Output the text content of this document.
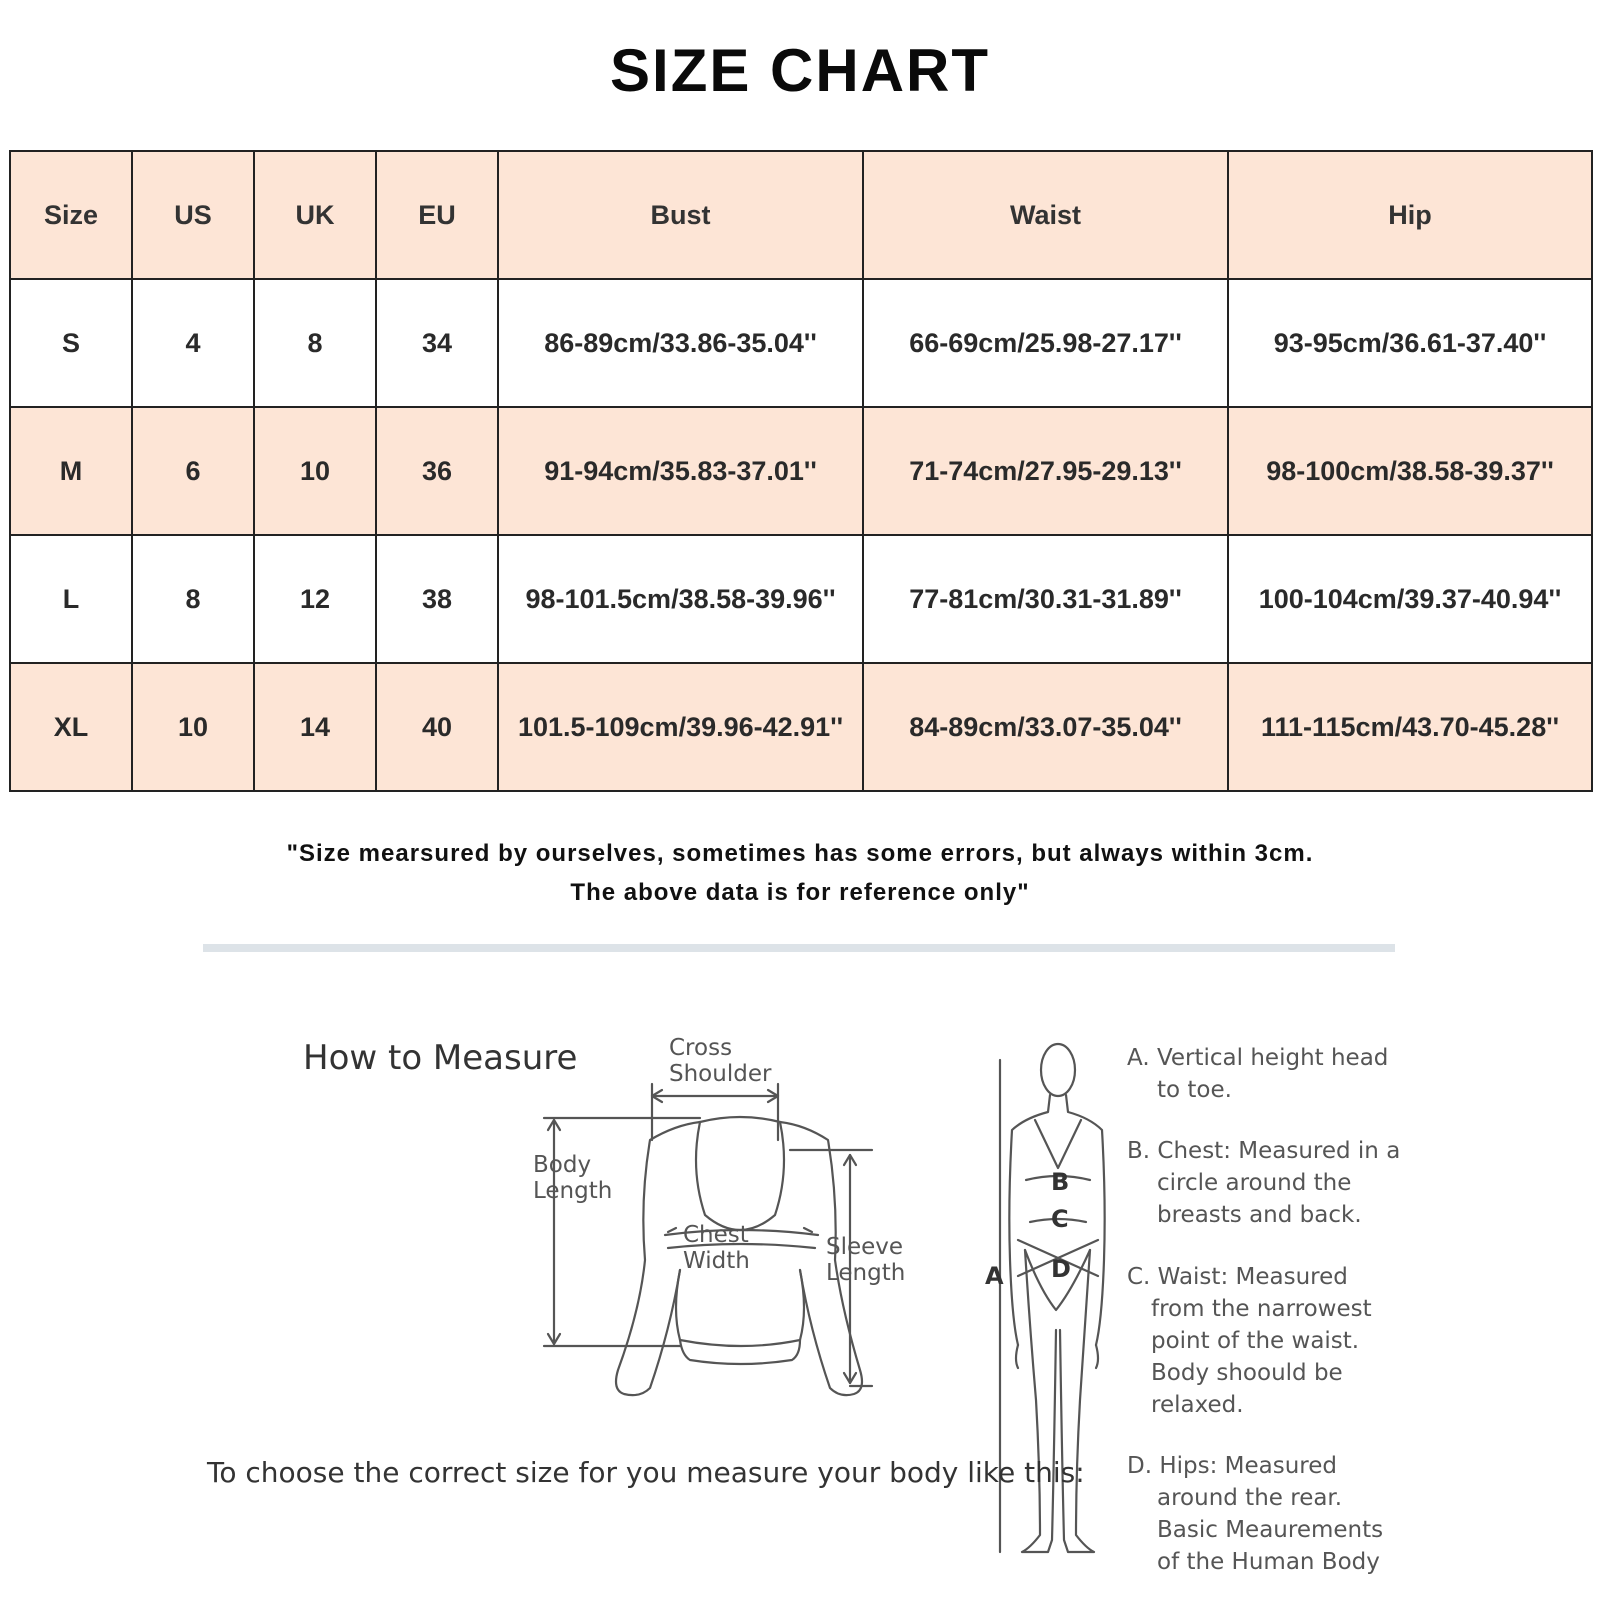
SIZE CHART
Size	US	UK	EU	Bust	Waist	Hip
S	4	8	34	86-89cm/33.86-35.04''	66-69cm/25.98-27.17''	93-95cm/36.61-37.40''
M	6	10	36	91-94cm/35.83-37.01''	71-74cm/27.95-29.13''	98-100cm/38.58-39.37''
L	8	12	38	98-101.5cm/38.58-39.96''	77-81cm/30.31-31.89''	100-104cm/39.37-40.94''
XL	10	14	40	101.5-109cm/39.96-42.91''	84-89cm/33.07-35.04''	111-115cm/43.70-45.28''
"Size mearsured by ourselves, sometimes has some errors, but always within 3cm.
The above data is for reference only"
How to Measure
To choose the correct size for you measure your body like this:
Cross
Shoulder
Body
Length
Chest
Width
Sleeve
Length	A
B
C
D
A. Vertical height head
to toe.
B. Chest: Measured in a
circle around the
breasts and back.
C. Waist: Measured
from the narrowest
point of the waist.
Body shoould be
relaxed.
D. Hips: Measured
around the rear.
Basic Meaurements
of the Human Body
